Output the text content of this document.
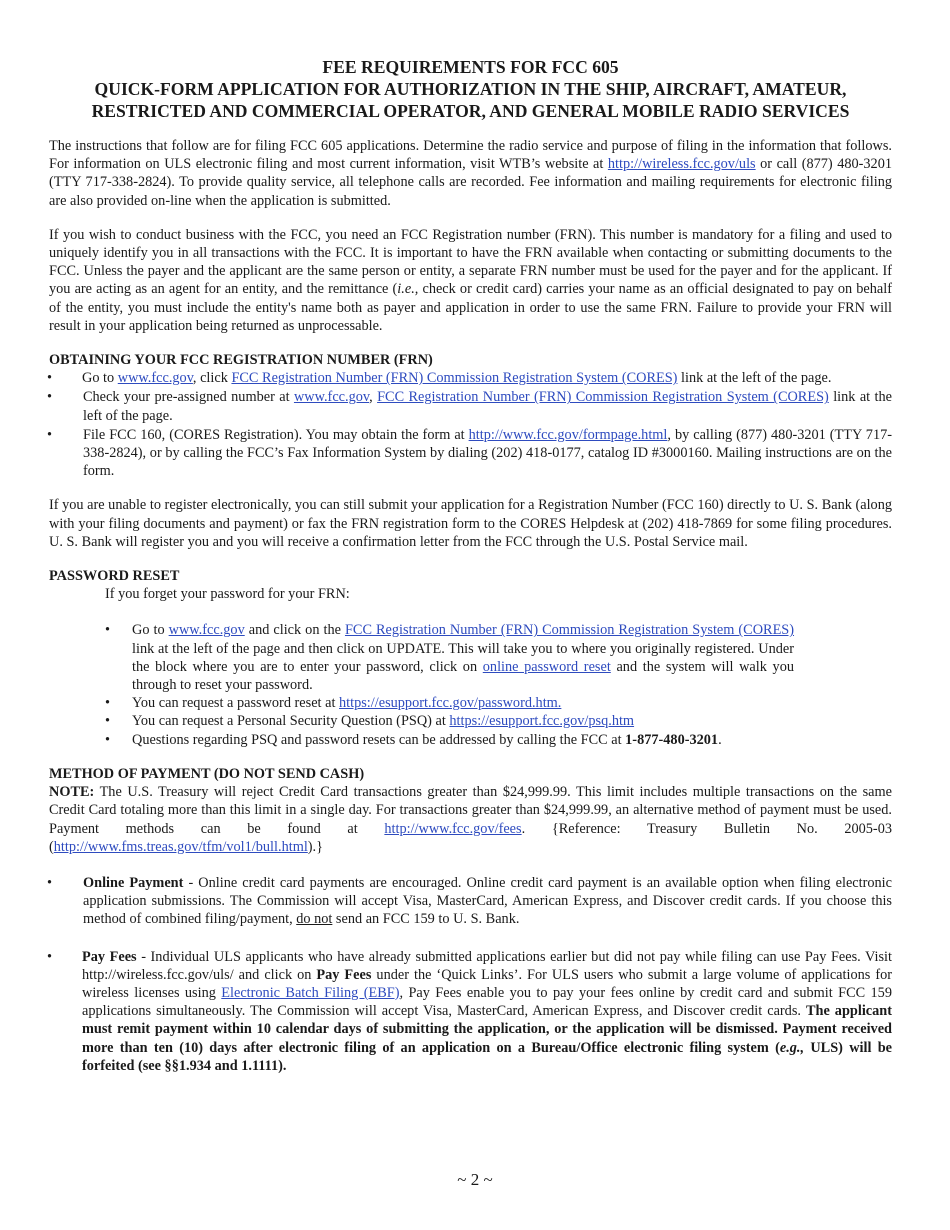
FEE REQUIREMENTS FOR FCC 605

QUICK-FORM APPLICATION FOR AUTHORIZATION IN THE SHIP, AIRCRAFT, AMATEUR,

RESTRICTED AND COMMERCIAL OPERATOR, AND GENERAL MOBILE RADIO SERVICES

The instructions that follow are for filing FCC 605 applications. Determine the radio service and purpose of filing in the information that follows. For information on ULS electronic filing and most current information, visit WTB’s website at http://wireless.fcc.gov/uls or call (877) 480-3201 (TTY 717-338-2824). To provide quality service, all telephone calls are recorded. Fee information and mailing requirements for electronic filing are also provided on-line when the application is submitted.

If you wish to conduct business with the FCC, you need an FCC Registration number (FRN). This number is mandatory for a filing and used to uniquely identify you in all transactions with the FCC. It is important to have the FRN available when contacting or submitting documents to the FCC. Unless the payer and the applicant are the same person or entity, a separate FRN number must be used for the payer and for the applicant. If you are acting as an agent for an entity, and the remittance (i.e., check or credit card) carries your name as an official designated to pay on behalf of the entity, you must include the entity's name both as payer and application in order to use the same FRN. Failure to provide your FRN will result in your application being returned as unprocessable.

OBTAINING YOUR FCC REGISTRATION NUMBER (FRN)

• Go to www.fcc.gov, click FCC Registration Number (FRN) Commission Registration System (CORES) link at the left of the page.
• Check your pre-assigned number at www.fcc.gov, FCC Registration Number (FRN) Commission Registration System (CORES) link at the left of the page.
• File FCC 160, (CORES Registration). You may obtain the form at http://www.fcc.gov/formpage.html, by calling (877) 480-3201 (TTY 717-338-2824), or by calling the FCC’s Fax Information System by dialing (202) 418-0177, catalog ID #3000160. Mailing instructions are on the form.

If you are unable to register electronically, you can still submit your application for a Registration Number (FCC 160) directly to U. S. Bank (along with your filing documents and payment) or fax the FRN registration form to the CORES Helpdesk at (202) 418-7869 for some filing procedures. U. S. Bank will register you and you will receive a confirmation letter from the FCC through the U.S. Postal Service mail.

PASSWORD RESET

If you forget your password for your FRN:

• Go to www.fcc.gov and click on the FCC Registration Number (FRN) Commission Registration System (CORES) link at the left of the page and then click on UPDATE. This will take you to where you originally registered. Under the block where you are to enter your password, click on online password reset and the system will walk you through to reset your password.
• You can request a password reset at https://esupport.fcc.gov/password.htm.
• You can request a Personal Security Question (PSQ) at https://esupport.fcc.gov/psq.htm
• Questions regarding PSQ and password resets can be addressed by calling the FCC at 1-877-480-3201.

METHOD OF PAYMENT (DO NOT SEND CASH)

NOTE: The U.S. Treasury will reject Credit Card transactions greater than $24,999.99. This limit includes multiple transactions on the same Credit Card totaling more than this limit in a single day. For transactions greater than $24,999.99, an alternative method of payment must be used. Payment methods can be found at http://www.fcc.gov/fees. {Reference: Treasury Bulletin No. 2005-03 (http://www.fms.treas.gov/tfm/vol1/bull.html).}

• Online Payment - Online credit card payments are encouraged. Online credit card payment is an available option when filing electronic application submissions. The Commission will accept Visa, MasterCard, American Express, and Discover credit cards. If you choose this method of combined filing/payment, do not send an FCC 159 to U. S. Bank.
• Pay Fees - Individual ULS applicants who have already submitted applications earlier but did not pay while filing can use Pay Fees. Visit http://wireless.fcc.gov/uls/ and click on Pay Fees under the ‘Quick Links’. For ULS users who submit a large volume of applications for wireless licenses using Electronic Batch Filing (EBF), Pay Fees enable you to pay your fees online by credit card and submit FCC 159 applications simultaneously. The Commission will accept Visa, MasterCard, American Express, and Discover credit cards. The applicant must remit payment within 10 calendar days of submitting the application, or the application will be dismissed. Payment received more than ten (10) days after electronic filing of an application on a Bureau/Office electronic filing system (e.g., ULS) will be forfeited (see §§1.934 and 1.1111).
~ 2 ~
